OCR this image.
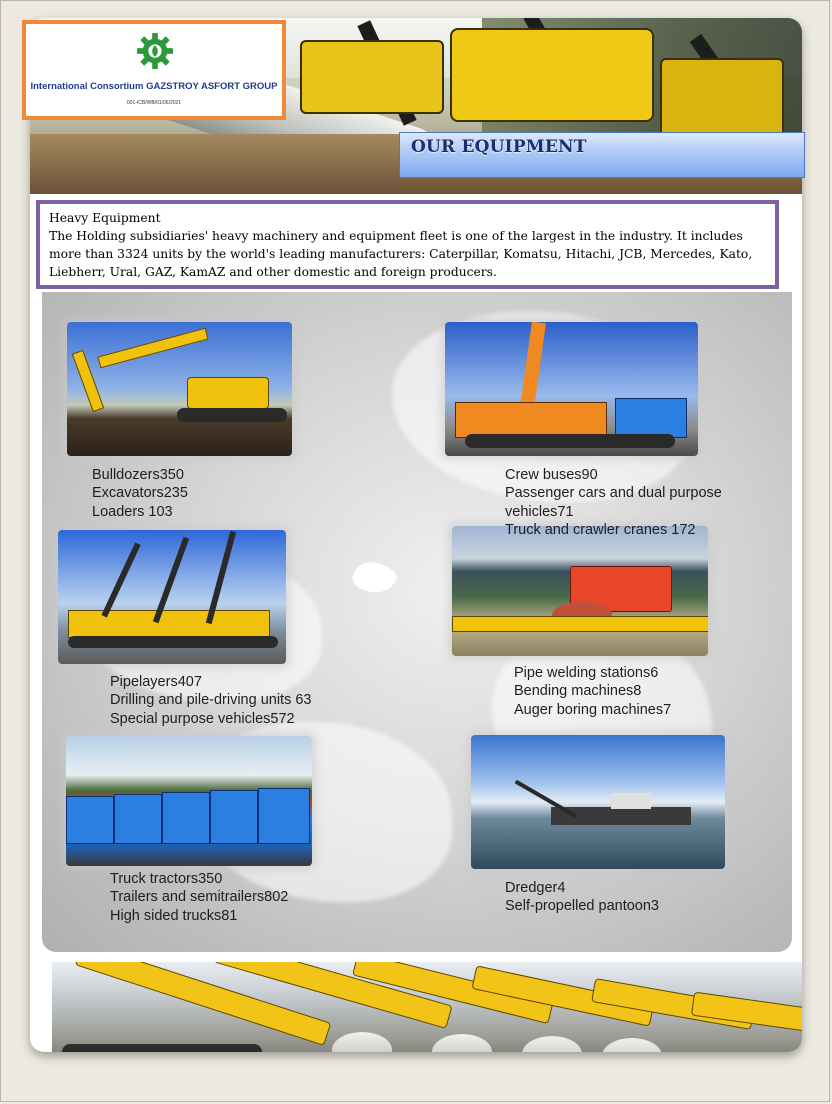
International Consortium GAZSTROY ASFORT GROUP
001-ICB/WB/01/06/2021
OUR EQUIPMENT
Heavy Equipment
The Holding subsidiaries' heavy machinery and equipment fleet is one of the largest in the industry. It includes more than 3324 units by the world's leading manufacturers: Caterpillar, Komatsu, Hitachi, JCB, Mercedes, Kato, Liebherr, Ural, GAZ, KamAZ and other domestic and foreign producers.
Bulldozers350
Excavators235
Loaders 103
Crew buses90
Passenger cars and dual purpose
vehicles71
Truck and crawler cranes 172
Pipelayers407
Drilling and pile-driving units 63
Special purpose vehicles572
Pipe welding stations6
Bending machines8
Auger boring machines7
Truck tractors350
Trailers and semitrailers802
High sided trucks81
Dredger4
Self-propelled pantoon3
